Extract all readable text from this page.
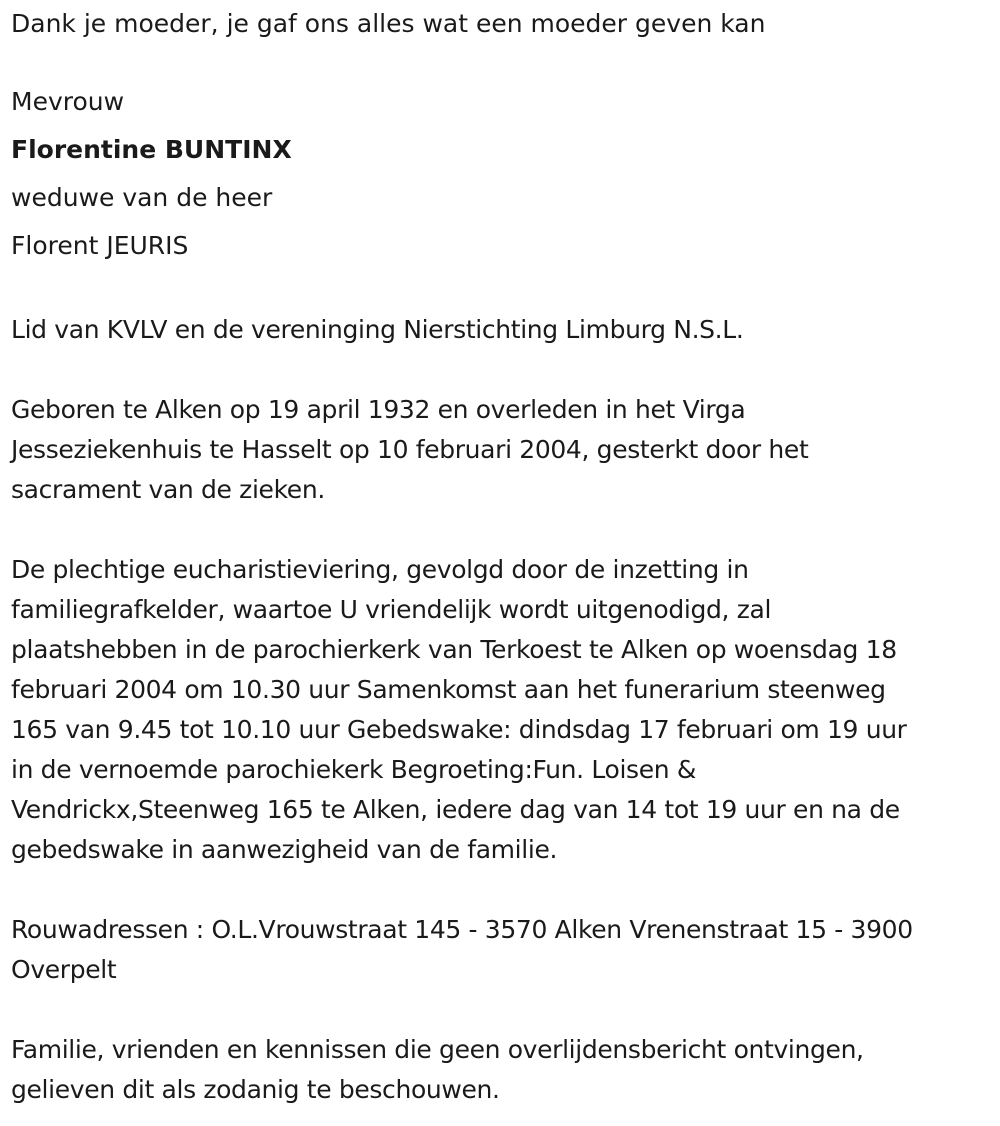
Dank je moeder, je gaf ons alles wat een moeder geven kan

Mevrouw

Florentine BUNTINX

weduwe van de heer

Florent JEURIS

Lid van KVLV en de vereninging Nierstichting Limburg N.S.L.

Geboren te Alken op 19 april 1932 en overleden in het Virga

Jesseziekenhuis te Hasselt op 10 februari 2004, gesterkt door het

sacrament van de zieken.

De plechtige eucharistieviering, gevolgd door de inzetting in

familiegrafkelder, waartoe U vriendelijk wordt uitgenodigd, zal

plaatshebben in de parochierkerk van Terkoest te Alken op woensdag 18

februari 2004 om 10.30 uur Samenkomst aan het funerarium steenweg

165 van 9.45 tot 10.10 uur Gebedswake: dindsdag 17 februari om 19 uur

in de vernoemde parochiekerk Begroeting:Fun. Loisen &

Vendrickx,Steenweg 165 te Alken, iedere dag van 14 tot 19 uur en na de

gebedswake in aanwezigheid van de familie.

Rouwadressen : O.L.Vrouwstraat 145 - 3570 Alken Vrenenstraat 15 - 3900

Overpelt

Familie, vrienden en kennissen die geen overlijdensbericht ontvingen,

gelieven dit als zodanig te beschouwen.
